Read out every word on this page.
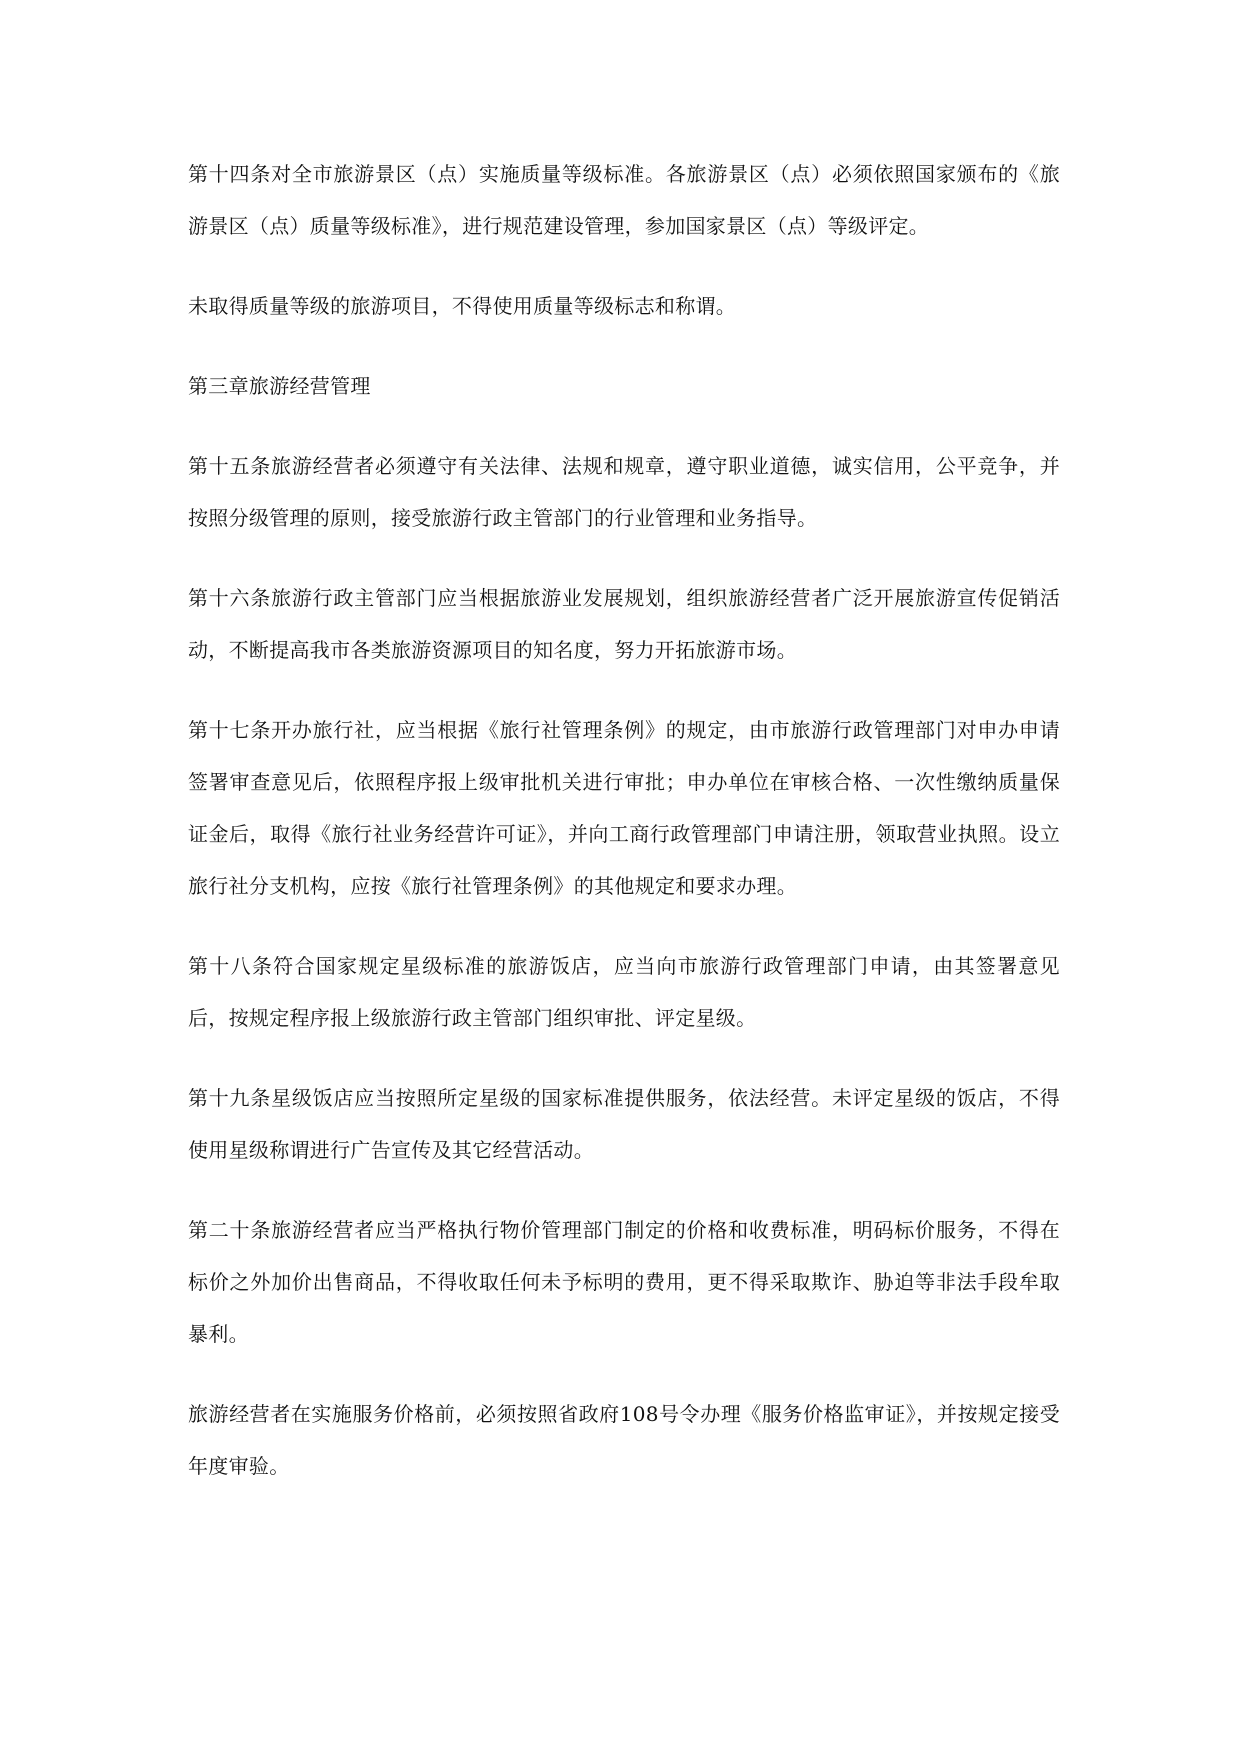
第十四条对全市旅游景区（点）实施质量等级标准。各旅游景区（点）必须依照国家颁布的《旅游景区（点）质量等级标准》，进行规范建设管理，参加国家景区（点）等级评定。

未取得质量等级的旅游项目，不得使用质量等级标志和称谓。

第三章旅游经营管理

第十五条旅游经营者必须遵守有关法律、法规和规章，遵守职业道德，诚实信用，公平竞争，并按照分级管理的原则，接受旅游行政主管部门的行业管理和业务指导。

第十六条旅游行政主管部门应当根据旅游业发展规划，组织旅游经营者广泛开展旅游宣传促销活动，不断提高我市各类旅游资源项目的知名度，努力开拓旅游市场。

第十七条开办旅行社，应当根据《旅行社管理条例》的规定，由市旅游行政管理部门对申办申请签署审查意见后，依照程序报上级审批机关进行审批；申办单位在审核合格、一次性缴纳质量保证金后，取得《旅行社业务经营许可证》，并向工商行政管理部门申请注册，领取营业执照。设立旅行社分支机构，应按《旅行社管理条例》的其他规定和要求办理。

第十八条符合国家规定星级标准的旅游饭店，应当向市旅游行政管理部门申请，由其签署意见后，按规定程序报上级旅游行政主管部门组织审批、评定星级。

第十九条星级饭店应当按照所定星级的国家标准提供服务，依法经营。未评定星级的饭店，不得使用星级称谓进行广告宣传及其它经营活动。

第二十条旅游经营者应当严格执行物价管理部门制定的价格和收费标准，明码标价服务，不得在标价之外加价出售商品，不得收取任何未予标明的费用，更不得采取欺诈、胁迫等非法手段牟取暴利。

旅游经营者在实施服务价格前，必须按照省政府108号令办理《服务价格监审证》，并按规定接受年度审验。
